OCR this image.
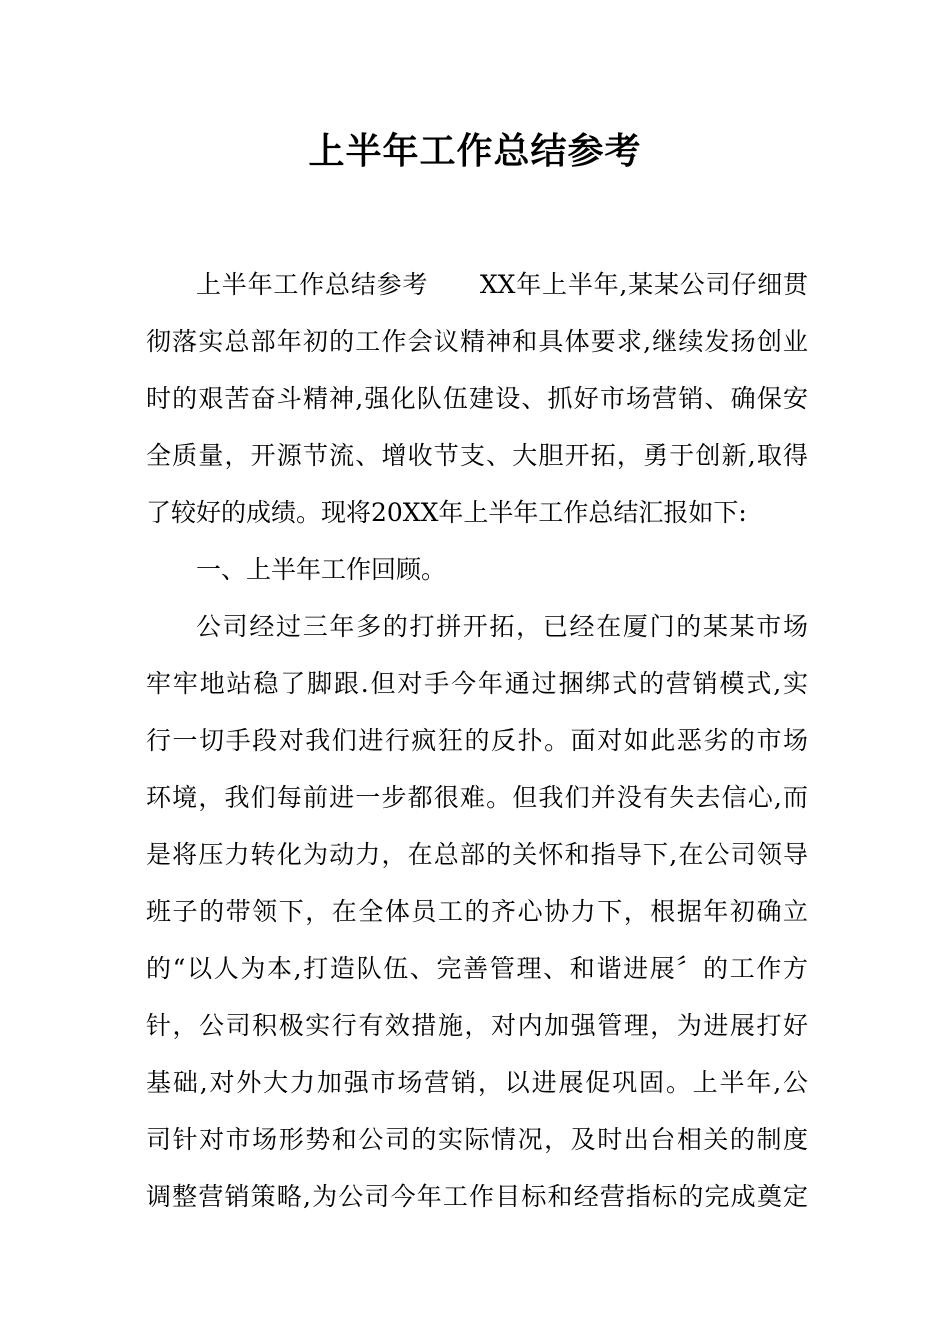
上半年工作总结参考
上半年工作总结参考　　XX年上半年,某某公司仔细贯
彻落实总部年初的工作会议精神和具体要求,继续发扬创业
时的艰苦奋斗精神,强化队伍建设、抓好市场营销、确保安
全质量，开源节流、增收节支、大胆开拓，勇于创新,取得
了较好的成绩。现将20XX年上半年工作总结汇报如下:
一、上半年工作回顾。
公司经过三年多的打拼开拓，已经在厦门的某某市场
牢牢地站稳了脚跟.但对手今年通过捆绑式的营销模式,实
行一切手段对我们进行疯狂的反扑。面对如此恶劣的市场
环境，我们每前进一步都很难。但我们并没有失去信心,而
是将压力转化为动力，在总部的关怀和指导下,在公司领导
班子的带领下，在全体员工的齐心协力下，根据年初确立
的“以人为本,打造队伍、完善管理、和谐进展〞的工作方
针，公司积极实行有效措施，对内加强管理，为进展打好
基础,对外大力加强市场营销，以进展促巩固。上半年,公
司针对市场形势和公司的实际情况，及时出台相关的制度
调整营销策略,为公司今年工作目标和经营指标的完成奠定
